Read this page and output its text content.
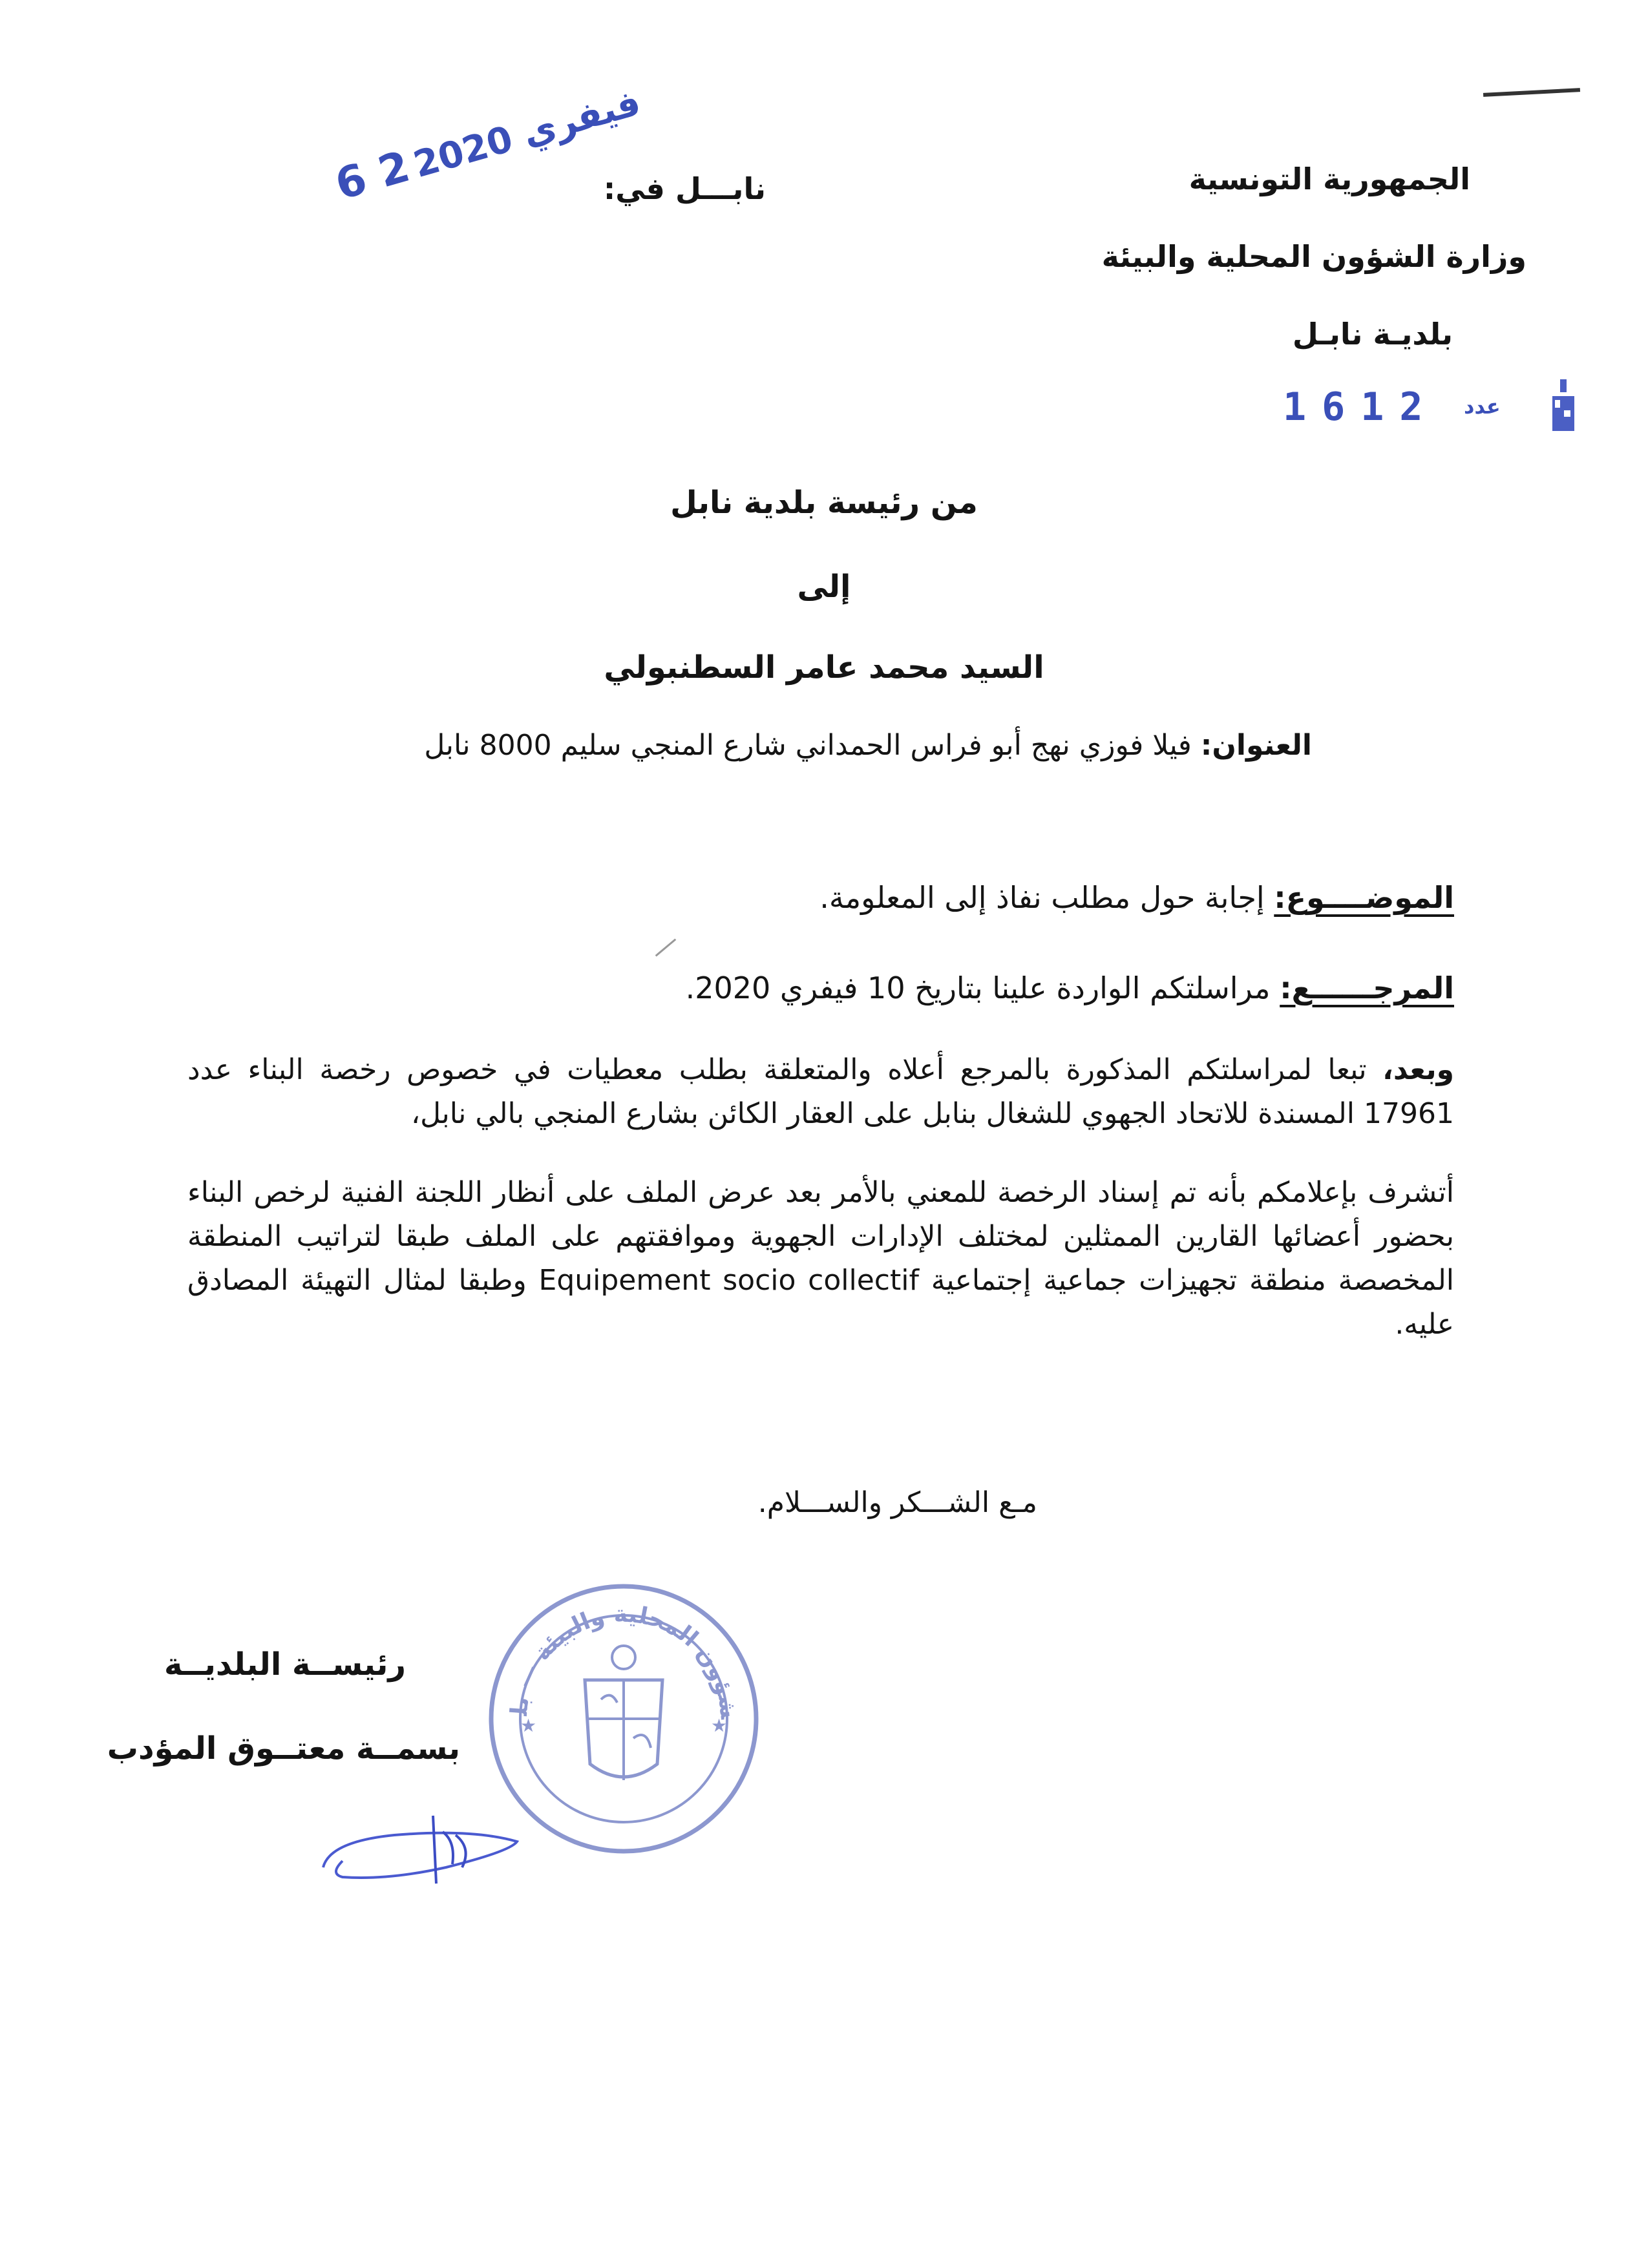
الجمهورية التونسية
وزارة الشؤون المحلية والبيئة
بلديـة نابـل
1612 عدد
نابـــل في:
فيفري 2020 2 6
من رئيسة بلدية نابل
إلى
السيد محمد عامر السطنبولي
العنوان: فيلا فوزي نهج أبو فراس الحمداني شارع المنجي سليم 8000 نابل
الموضــــوع: إجابة حول مطلب نفاذ إلى المعلومة.
المرجــــــع: مراسلتكم الواردة علينا بتاريخ 10 فيفري 2020.
وبعد، تبعا لمراسلتكم المذكورة بالمرجع أعلاه والمتعلقة بطلب معطيات في خصوص رخصة البناء عدد 17961 المسندة للاتحاد الجهوي للشغال بنابل على العقار الكائن بشارع المنجي بالي نابل،
أتشرف بإعلامكم بأنه تم إسناد الرخصة للمعني بالأمر بعد عرض الملف على أنظار اللجنة الفنية لرخص البناء بحضور أعضائها القارين الممثلين لمختلف الإدارات الجهوية وموافقتهم على الملف طبقا لتراتيب المنطقة المخصصة منطقة تجهيزات جماعية إجتماعية Equipement socio collectif وطبقا لمثال التهيئة المصادق عليه.
مـع الشـــكر والســـلام.
شؤون المحلية والبيئة — بل
★	★
رئيســة البلديــة
بسمــة معتــوق المؤدب
